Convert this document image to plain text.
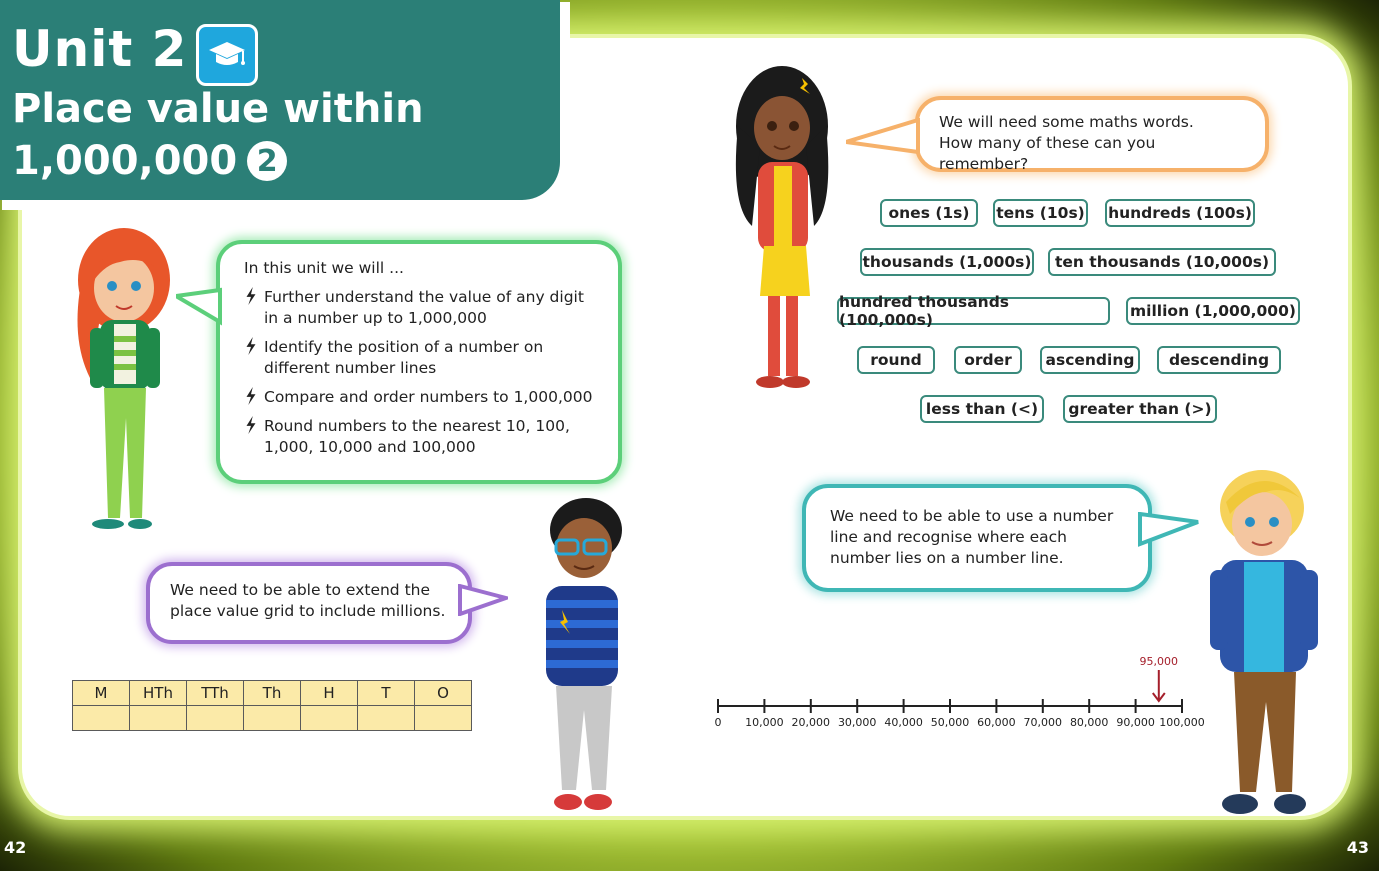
Unit 2
Place value within
1,000,000 2
In this unit we will ...
Further understand the value of any digit in a number up to 1,000,000
Identify the position of a number on different number lines
Compare and order numbers to 1,000,000
Round numbers to the nearest 10, 100, 1,000, 10,000 and 100,000
We will need some maths words.
How many of these can you remember?
ones (1s)	tens (10s) hundreds (100s)
thousands (1,000s)	ten thousands (10,000s)
hundred thousands (100,000s)	million (1,000,000)
round	order	ascending	descending
less than (<)	greater than (>)
We need to be able to extend the place value grid to include millions.
M	HTh	TTh	Th	H	T	O

We need to be able to use a number line and recognise where each number lies on a number line.
0 10,000 20,000 30,000 40,000 50,000 60,000 70,000 80,000 90,000 100,000
95,000
42	43
